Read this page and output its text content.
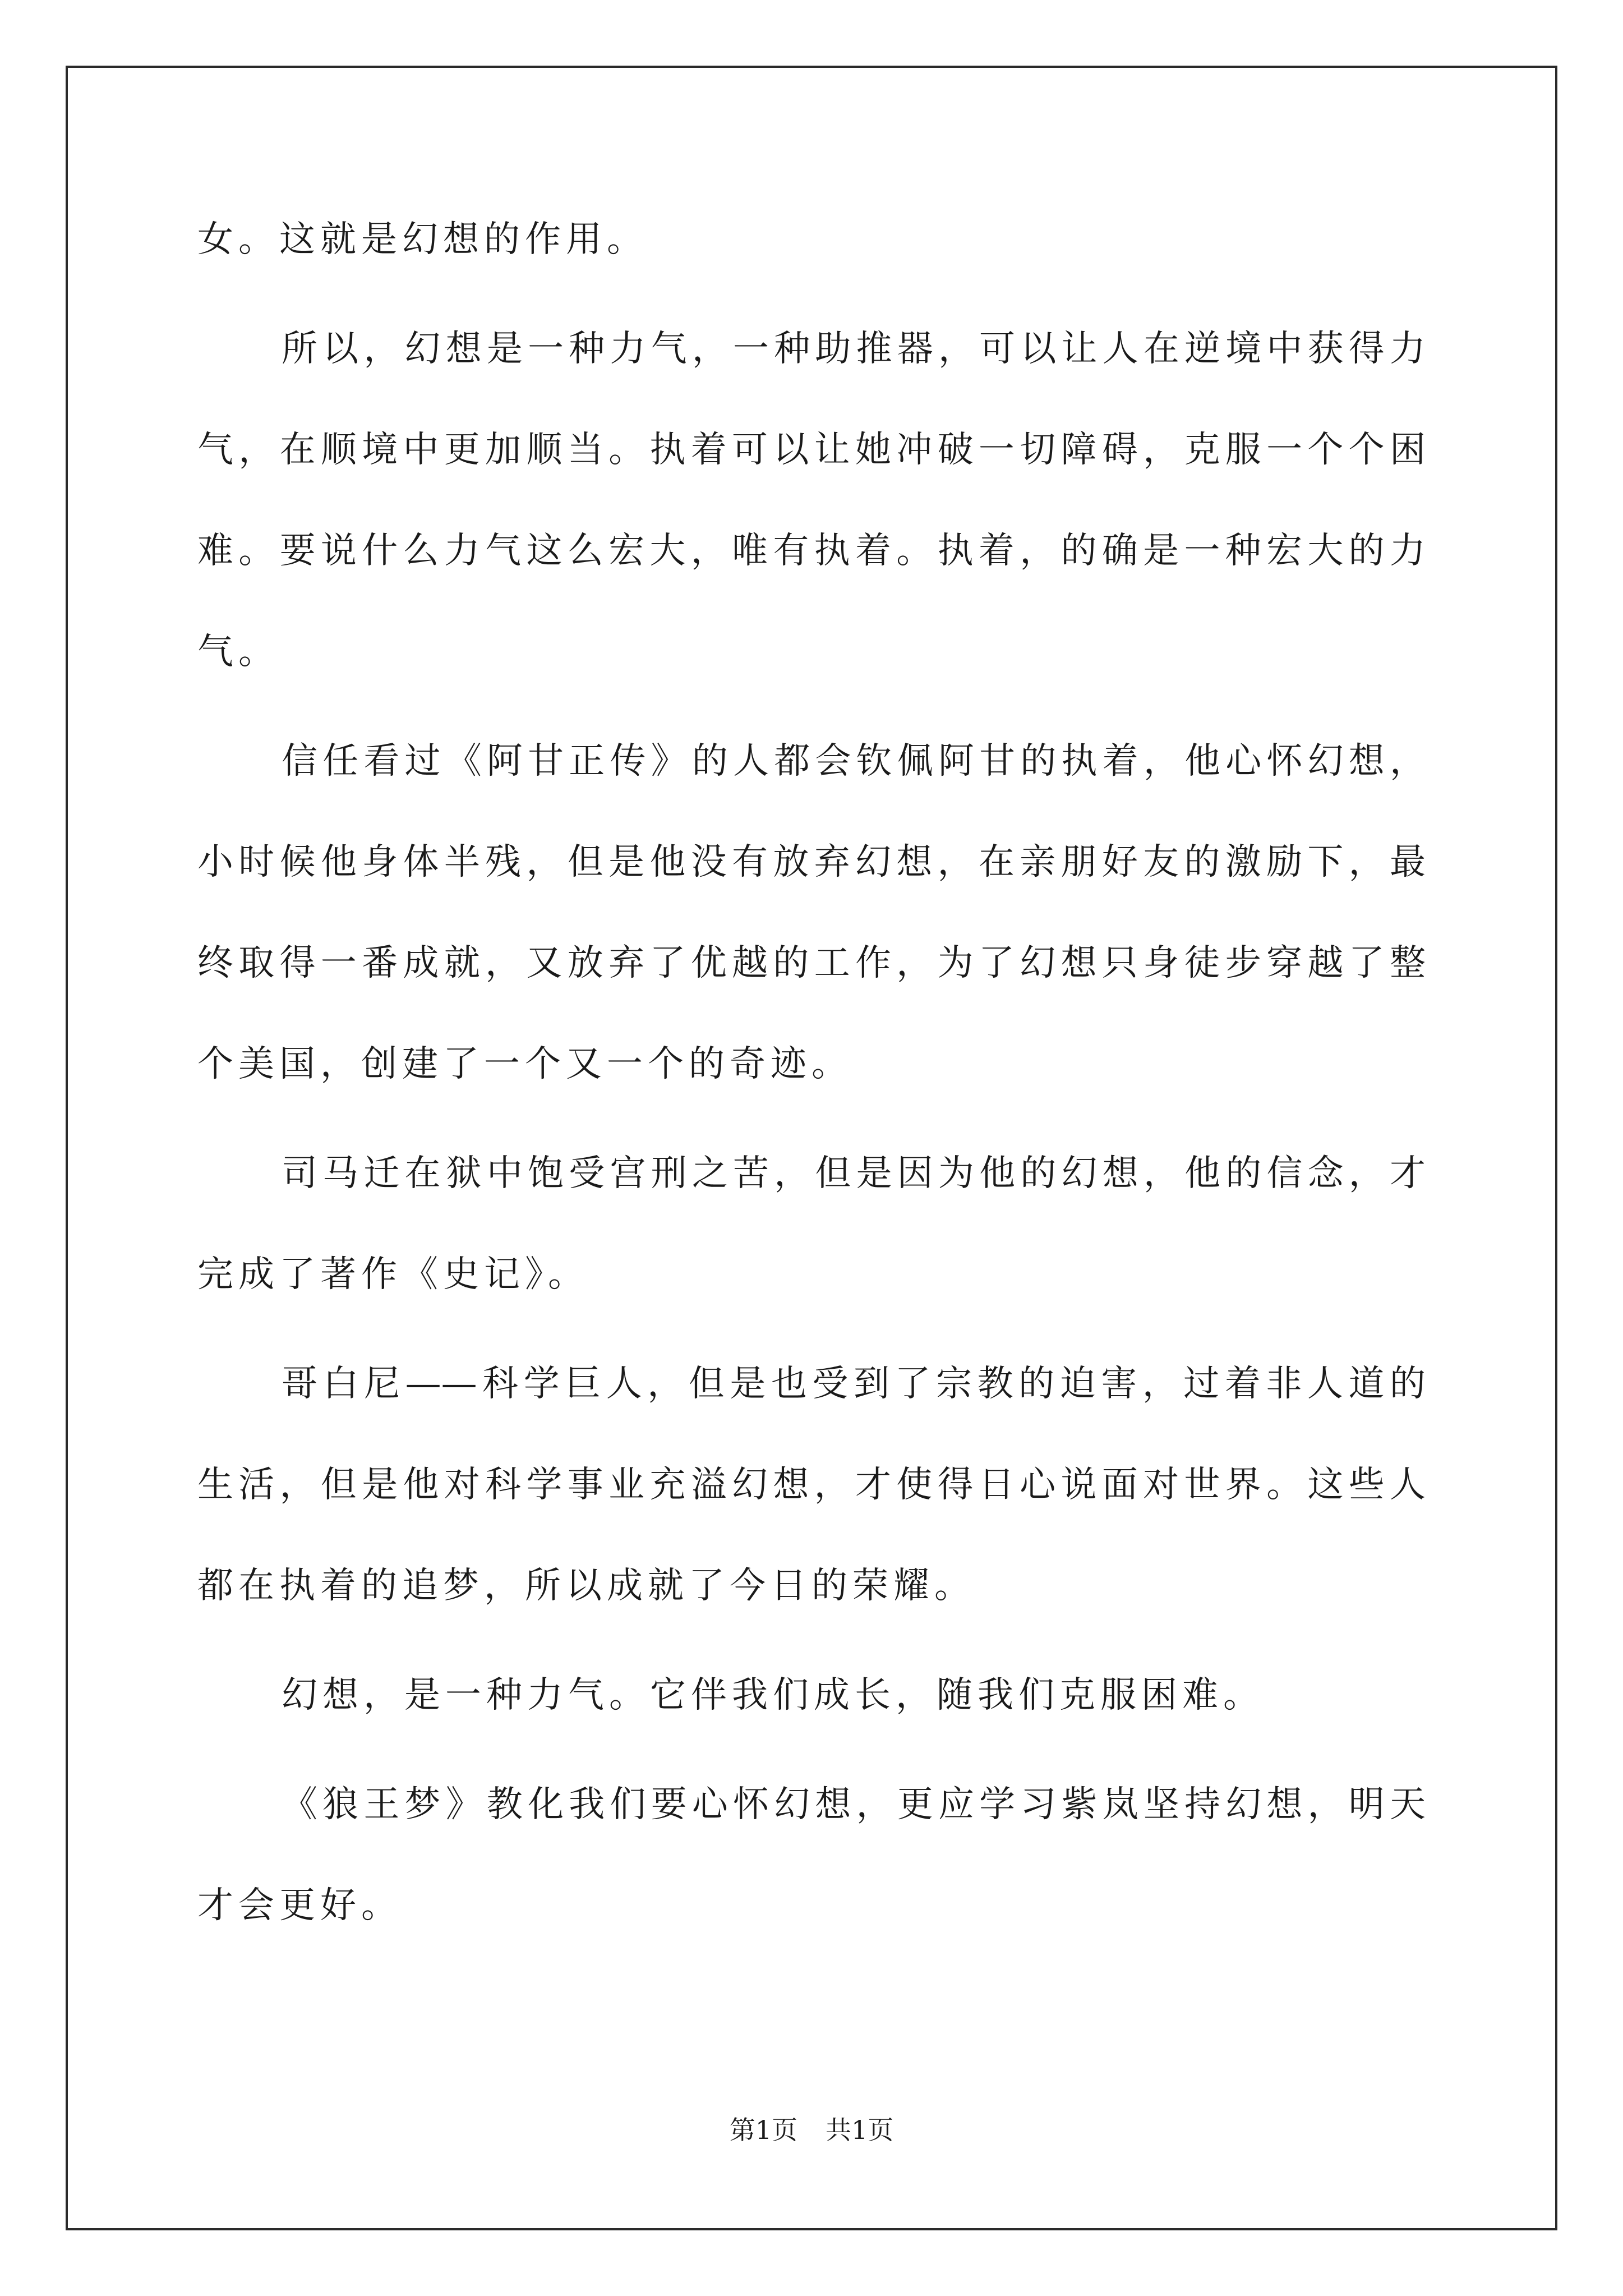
女。这就是幻想的作用。
所以，幻想是一种力气，一种助推器，可以让人在逆境中获得力
气，在顺境中更加顺当。执着可以让她冲破一切障碍，克服一个个困
难。要说什么力气这么宏大，唯有执着。执着，的确是一种宏大的力
气。
信任看过《阿甘正传》的人都会钦佩阿甘的执着，他心怀幻想，
小时候他身体半残，但是他没有放弃幻想，在亲朋好友的激励下，最
终取得一番成就，又放弃了优越的工作，为了幻想只身徒步穿越了整
个美国，创建了一个又一个的奇迹。
司马迁在狱中饱受宫刑之苦，但是因为他的幻想，他的信念，才
完成了著作《史记》。
哥白尼——科学巨人，但是也受到了宗教的迫害，过着非人道的
生活，但是他对科学事业充溢幻想，才使得日心说面对世界。这些人
都在执着的追梦，所以成就了今日的荣耀。
幻想，是一种力气。它伴我们成长，随我们克服困难。
《狼王梦》教化我们要心怀幻想，更应学习紫岚坚持幻想，明天
才会更好。
第1页 共1页
